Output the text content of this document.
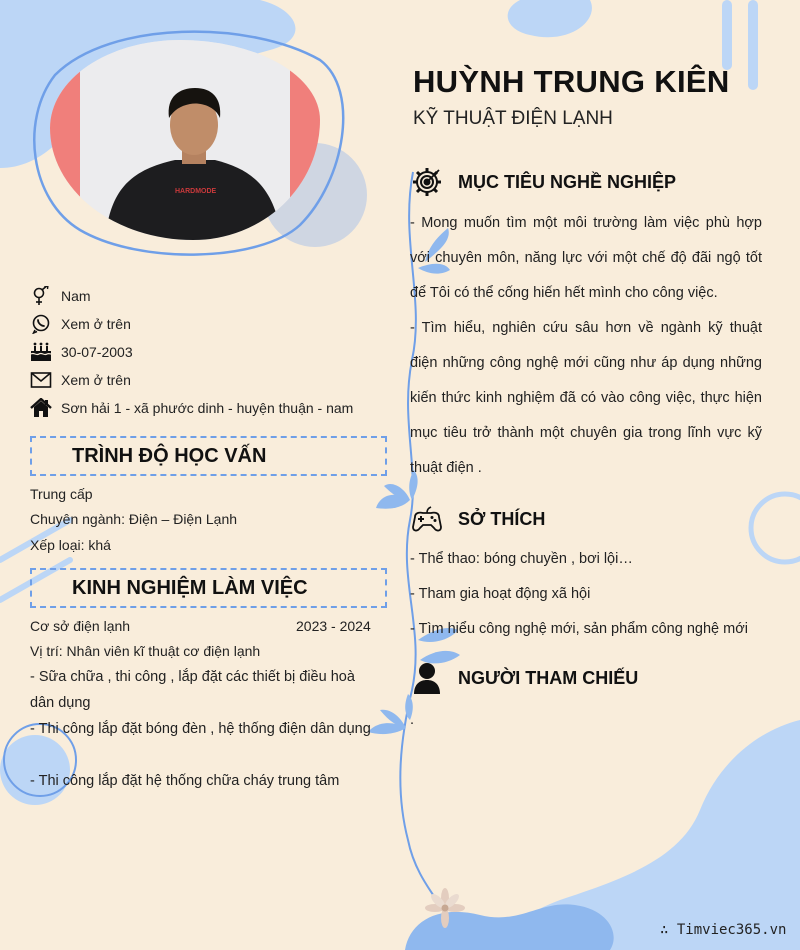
HARDMODE
HUỲNH TRUNG KIÊN
KỸ THUẬT ĐIỆN LẠNH
Nam
Xem ở trên
30-07-2003
Xem ở trên
Sơn hải 1 - xã phước dinh - huyện thuận - nam
TRÌNH ĐỘ HỌC VẤN
Trung cấp
Chuyên ngành: Điện – Điện Lạnh
Xếp loại: khá
KINH NGHIỆM LÀM VIỆC
Cơ sở điện lạnh	2023 - 2024
Vị trí: Nhân viên kĩ thuật cơ điện lạnh
- Sữa chữa , thi công , lắp đặt các thiết bị điều hoà dân dụng
- Thi công lắp đặt bóng đèn , hệ thống điện dân dụng
- Thi công lắp đặt hệ thống chữa cháy trung tâm
MỤC TIÊU NGHỀ NGHIỆP
- Mong muốn tìm một môi trường làm việc phù hợp với chuyên môn, năng lực với một chế độ đãi ngộ tốt để Tôi có thể cống hiến hết mình cho công việc.
- Tìm hiểu, nghiên cứu sâu hơn về ngành kỹ thuật điện những công nghệ mới cũng như áp dụng những kiến thức kinh nghiệm đã có vào công việc, thực hiện mục tiêu trở thành một chuyên gia trong lĩnh vực kỹ thuật điện .
SỞ THÍCH
- Thể thao: bóng chuyền , bơi lội…
- Tham gia hoạt động xã hội
- Tìm hiểu công nghệ mới, sản phẩm công nghệ mới
NGƯỜI THAM CHIẾU
.
∴ Timviec365.vn
